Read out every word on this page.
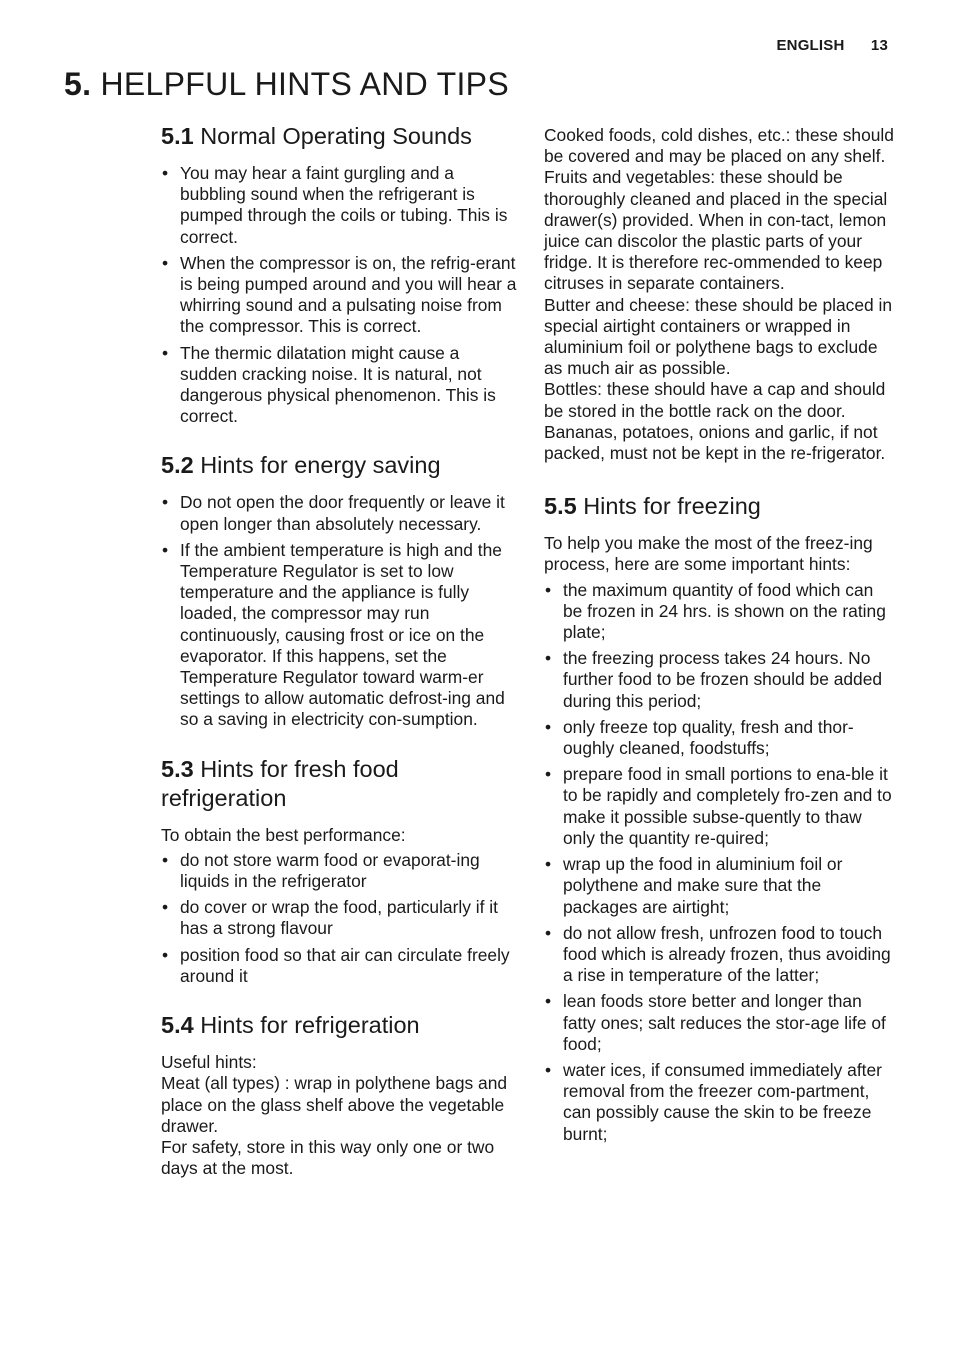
ENGLISH 13
5. HELPFUL HINTS AND TIPS
5.1 Normal Operating Sounds
• You may hear a faint gurgling and a bubbling sound when the refrigerant is pumped through the coils or tubing. This is correct.
• When the compressor is on, the refrig-erant is being pumped around and you will hear a whirring sound and a pulsating noise from the compressor. This is correct.
• The thermic dilatation might cause a sudden cracking noise. It is natural, not dangerous physical phenomenon. This is correct.
5.2 Hints for energy saving
• Do not open the door frequently or leave it open longer than absolutely necessary.
• If the ambient temperature is high and the Temperature Regulator is set to low temperature and the appliance is fully loaded, the compressor may run continuously, causing frost or ice on the evaporator. If this happens, set the Temperature Regulator toward warm-er settings to allow automatic defrost-ing and so a saving in electricity con-sumption.
5.3 Hints for fresh food refrigeration

To obtain the best performance:

• do not store warm food or evaporat-ing liquids in the refrigerator
• do cover or wrap the food, particularly if it has a strong flavour
• position food so that air can circulate freely around it
5.4 Hints for refrigeration

Useful hints:

Meat (all types) : wrap in polythene bags and place on the glass shelf above the vegetable drawer.

For safety, store in this way only one or two days at the most.

Cooked foods, cold dishes, etc.: these should be covered and may be placed on any shelf.

Fruits and vegetables: these should be thoroughly cleaned and placed in the special drawer(s) provided. When in con-tact, lemon juice can discolor the plastic parts of your fridge. It is therefore rec-ommended to keep citruses in separate containers.

Butter and cheese: these should be placed in special airtight containers or wrapped in aluminium foil or polythene bags to exclude as much air as possible.

Bottles: these should have a cap and should be stored in the bottle rack on the door.

Bananas, potatoes, onions and garlic, if not packed, must not be kept in the re-frigerator.

5.5 Hints for freezing

To help you make the most of the freez-ing process, here are some important hints:

• the maximum quantity of food which can be frozen in 24 hrs. is shown on the rating plate;
• the freezing process takes 24 hours. No further food to be frozen should be added during this period;
• only freeze top quality, fresh and thor-oughly cleaned, foodstuffs;
• prepare food in small portions to ena-ble it to be rapidly and completely fro-zen and to make it possible subse-quently to thaw only the quantity re-quired;
• wrap up the food in aluminium foil or polythene and make sure that the packages are airtight;
• do not allow fresh, unfrozen food to touch food which is already frozen, thus avoiding a rise in temperature of the latter;
• lean foods store better and longer than fatty ones; salt reduces the stor-age life of food;
• water ices, if consumed immediately after removal from the freezer com-partment, can possibly cause the skin to be freeze burnt;
